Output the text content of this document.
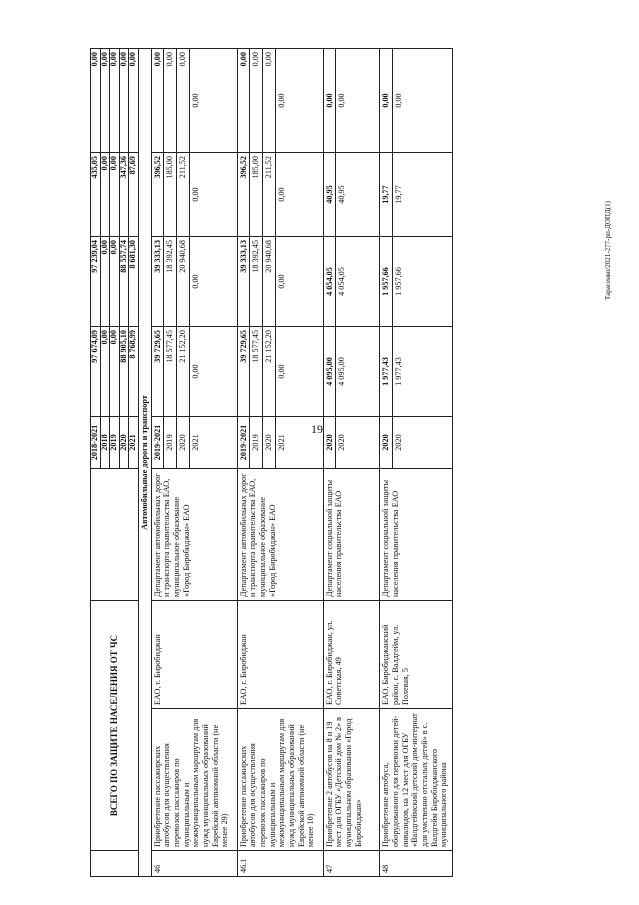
19
Тарасенко/2021-277-рп-ДОПД(1)
	ВСЕГО ПО ЗАЩИТЕ НАСЕЛЕНИЯ ОТ ЧС			2018-2021	97 674,09	97 239,04	435,05	0,00
				2018	0,00	0,00	0,00	0,00
				2019	0,00	0,00	0,00	0,00
				2020	88 905,10	88 557,74	347,36	0,00
				2021	8 768,99	8 681,30	87,69	0,00
Автомобильные дороги и транспорт								
46	Приобретение пассажирских автобусов для осуществления перевозок пассажиров по муниципальным и межмуниципальным маршрутам для нужд муниципальных образований Еврейской автономной области (не менее 29)	ЕАО, г. Биробиджан	Департамент автомобильных дорог и транспорта правительства ЕАО, муниципальное образование «Город Биробиджан» ЕАО	2019-2021	39 729,65	39 333,13	396,52	0,00
				2019	18 577,45	18 392,45	185,00	0,00
				2020	21 152,20	20 940,68	211,52	0,00
				2021	0,00	0,00	0,00	0,00
46.1	Приобретение пассажирских автобусов для осуществления перевозок пассажиров по муниципальным и межмуниципальным маршрутам для нужд муниципальных образований Еврейской автономной области (не менее 10)	ЕАО, г. Биробиджан	Департамент автомобильных дорог и транспорта правительства ЕАО, муниципальное образование «Город Биробиджан» ЕАО	2019-2021	39 729,65	39 333,13	396,52	0,00
				2019	18 577,45	18 392,45	185,00	0,00
				2020	21 152,20	20 940,68	211,52	0,00
				2021	0,00	0,00	0,00	0,00
47	Приобретение 2 автобусов на 8 и 19 мест для ОГБУ «Детский дом № 2» в муниципальном образовании «Город Биробиджан»	ЕАО, г. Биробиджан, ул. Советская, 49	Департамент социальной защиты населения правительства ЕАО	2020	4 095,00	4 054,05	40,95	0,00
				2020	4 095,00	4 054,05	40,95	0,00
48	Приобретение автобуса, оборудованного для перевозки детей-инвалидов, на 12 мест для ОГБУ «Валдгеймский детский дом-интернат для умственно отсталых детей» в с. Валдгейм Биробиджанского муниципального района	ЕАО, Биробиджанский район, с. Валдгейм, ул. Полевая, 5	Департамент социальной защиты населения правительства ЕАО	2020	1 977,43	1 957,66	19,77	0,00
				2020	1 977,43	1 957,66	19,77	0,00
